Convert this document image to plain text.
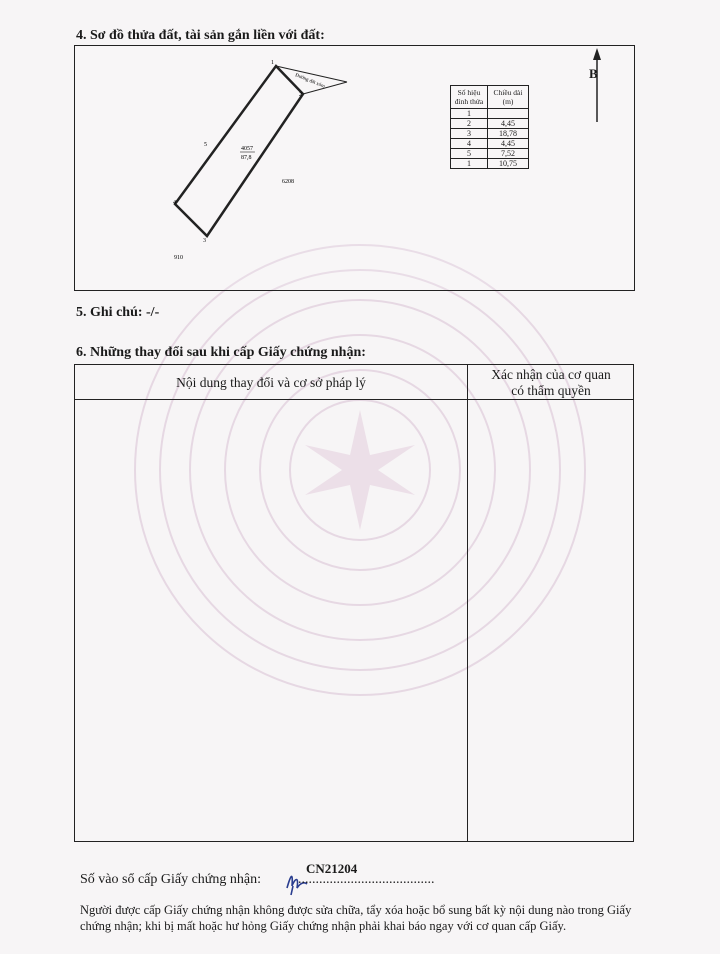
4. Sơ đồ thửa đất, tài sản gắn liền với đất:
1
2
3
4
5
Đường đất xóm
4057
87,8
6208
910
B
Số hiệu đỉnh thửa	Chiều dài (m)
1	
2	4,45
3	18,78
4	4,45
5	7,52
1	10,75
5. Ghi chú: -/-
6. Những thay đổi sau khi cấp Giấy chứng nhận:
Nội dung thay đổi và cơ sở pháp lý
Xác nhận của cơ quan
có thẩm quyền
Số vào sổ cấp Giấy chứng nhận:
CN21204
.......................................
Người được cấp Giấy chứng nhận không được sửa chữa, tẩy xóa hoặc bổ sung bất kỳ nội dung nào trong Giấy chứng nhận; khi bị mất hoặc hư hỏng Giấy chứng nhận phải khai báo ngay với cơ quan cấp Giấy.
